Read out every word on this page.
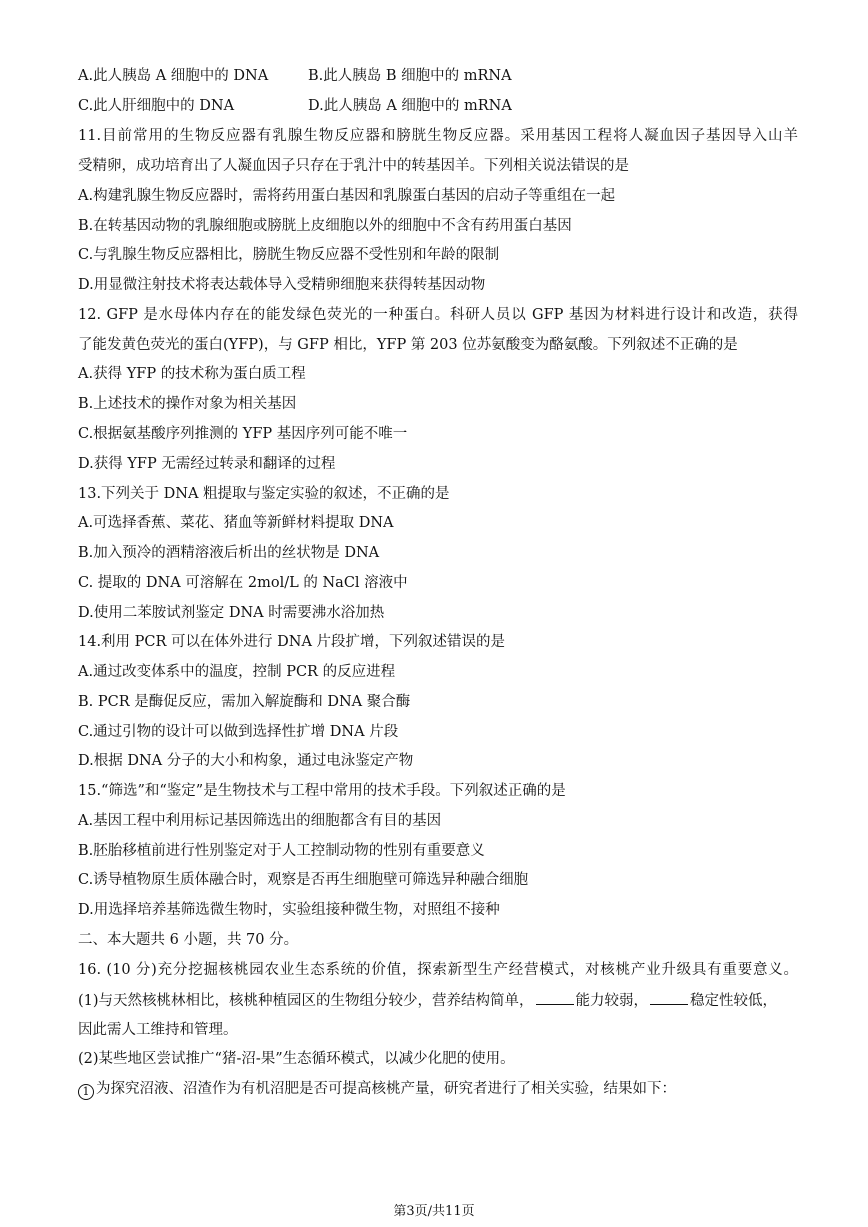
A.此人胰岛 A 细胞中的 DNA	B.此人胰岛 B 细胞中的 mRNA
C.此人肝细胞中的 DNA	D.此人胰岛 A 细胞中的 mRNA
11.目前常用的生物反应器有乳腺生物反应器和膀胱生物反应器。采用基因工程将人凝血因子基因导入山羊
受精卵，成功培育出了人凝血因子只存在于乳汁中的转基因羊。下列相关说法错误的是
A.构建乳腺生物反应器时，需将药用蛋白基因和乳腺蛋白基因的启动子等重组在一起
B.在转基因动物的乳腺细胞或膀胱上皮细胞以外的细胞中不含有药用蛋白基因
C.与乳腺生物反应器相比，膀胱生物反应器不受性别和年龄的限制
D.用显微注射技术将表达载体导入受精卵细胞来获得转基因动物
12. GFP 是水母体内存在的能发绿色荧光的一种蛋白。科研人员以 GFP 基因为材料进行设计和改造，获得
了能发黄色荧光的蛋白(YFP)，与 GFP 相比，YFP 第 203 位苏氨酸变为酪氨酸。下列叙述不正确的是
A.获得 YFP 的技术称为蛋白质工程
B.上述技术的操作对象为相关基因
C.根据氨基酸序列推测的 YFP 基因序列可能不唯一
D.获得 YFP 无需经过转录和翻译的过程
13.下列关于 DNA 粗提取与鉴定实验的叙述，不正确的是
A.可选择香蕉、菜花、猪血等新鲜材料提取 DNA
B.加入预冷的酒精溶液后析出的丝状物是 DNA
C. 提取的 DNA 可溶解在 2mol/L 的 NaCl 溶液中
D.使用二苯胺试剂鉴定 DNA 时需要沸水浴加热
14.利用 PCR 可以在体外进行 DNA 片段扩增，下列叙述错误的是
A.通过改变体系中的温度，控制 PCR 的反应进程
B. PCR 是酶促反应，需加入解旋酶和 DNA 聚合酶
C.通过引物的设计可以做到选择性扩增 DNA 片段
D.根据 DNA 分子的大小和构象，通过电泳鉴定产物
15.“筛选”和“鉴定”是生物技术与工程中常用的技术手段。下列叙述正确的是
A.基因工程中利用标记基因筛选出的细胞都含有目的基因
B.胚胎移植前进行性别鉴定对于人工控制动物的性别有重要意义
C.诱导植物原生质体融合时，观察是否再生细胞壁可筛选异种融合细胞
D.用选择培养基筛选微生物时，实验组接种微生物，对照组不接种
二、本大题共 6 小题，共 70 分。
16. (10 分)充分挖掘核桃园农业生态系统的价值，探索新型生产经营模式，对核桃产业升级具有重要意义。
(1)与天然核桃林相比，核桃种植园区的生物组分较少，营养结构简单，	能力较弱，	稳定性较低，
因此需人工维持和管理。
(2)某些地区尝试推广“猪-沼-果”生态循环模式，以减少化肥的使用。
1 为探究沼液、沼渣作为有机沼肥是否可提高核桃产量，研究者进行了相关实验，结果如下：
第3页/共11页
